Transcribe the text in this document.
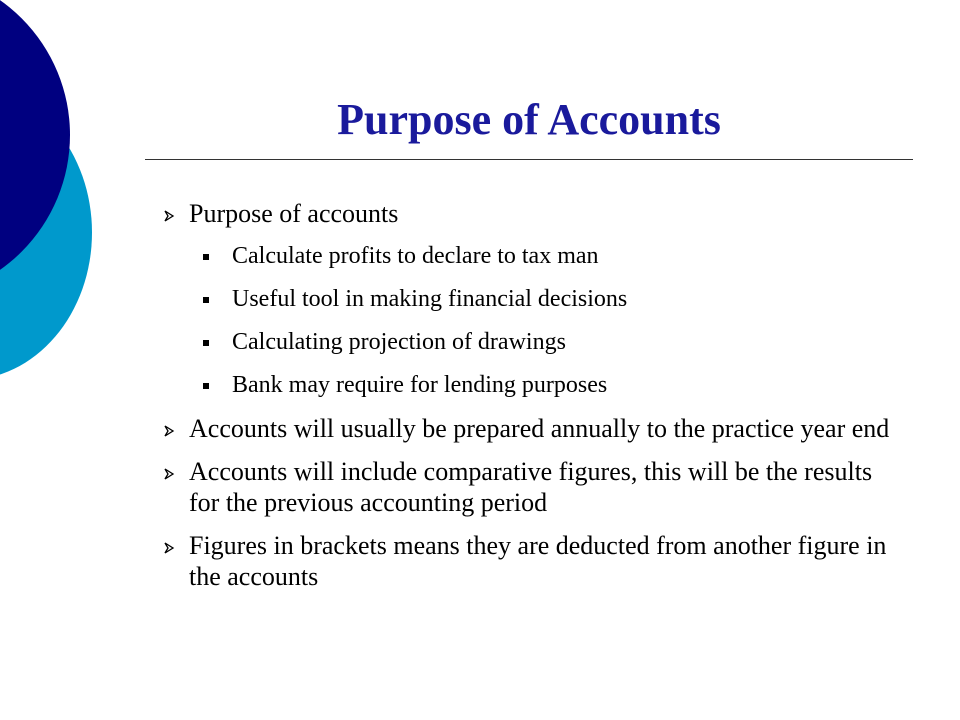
Purpose of Accounts
Purpose of accounts
Calculate profits to declare to tax man
Useful tool in making financial decisions
Calculating projection of drawings
Bank may require for lending purposes
Accounts will usually be prepared annually to the practice year end
Accounts will include comparative figures, this will be the results for the previous accounting period
Figures in brackets means they are deducted from another figure in the accounts
